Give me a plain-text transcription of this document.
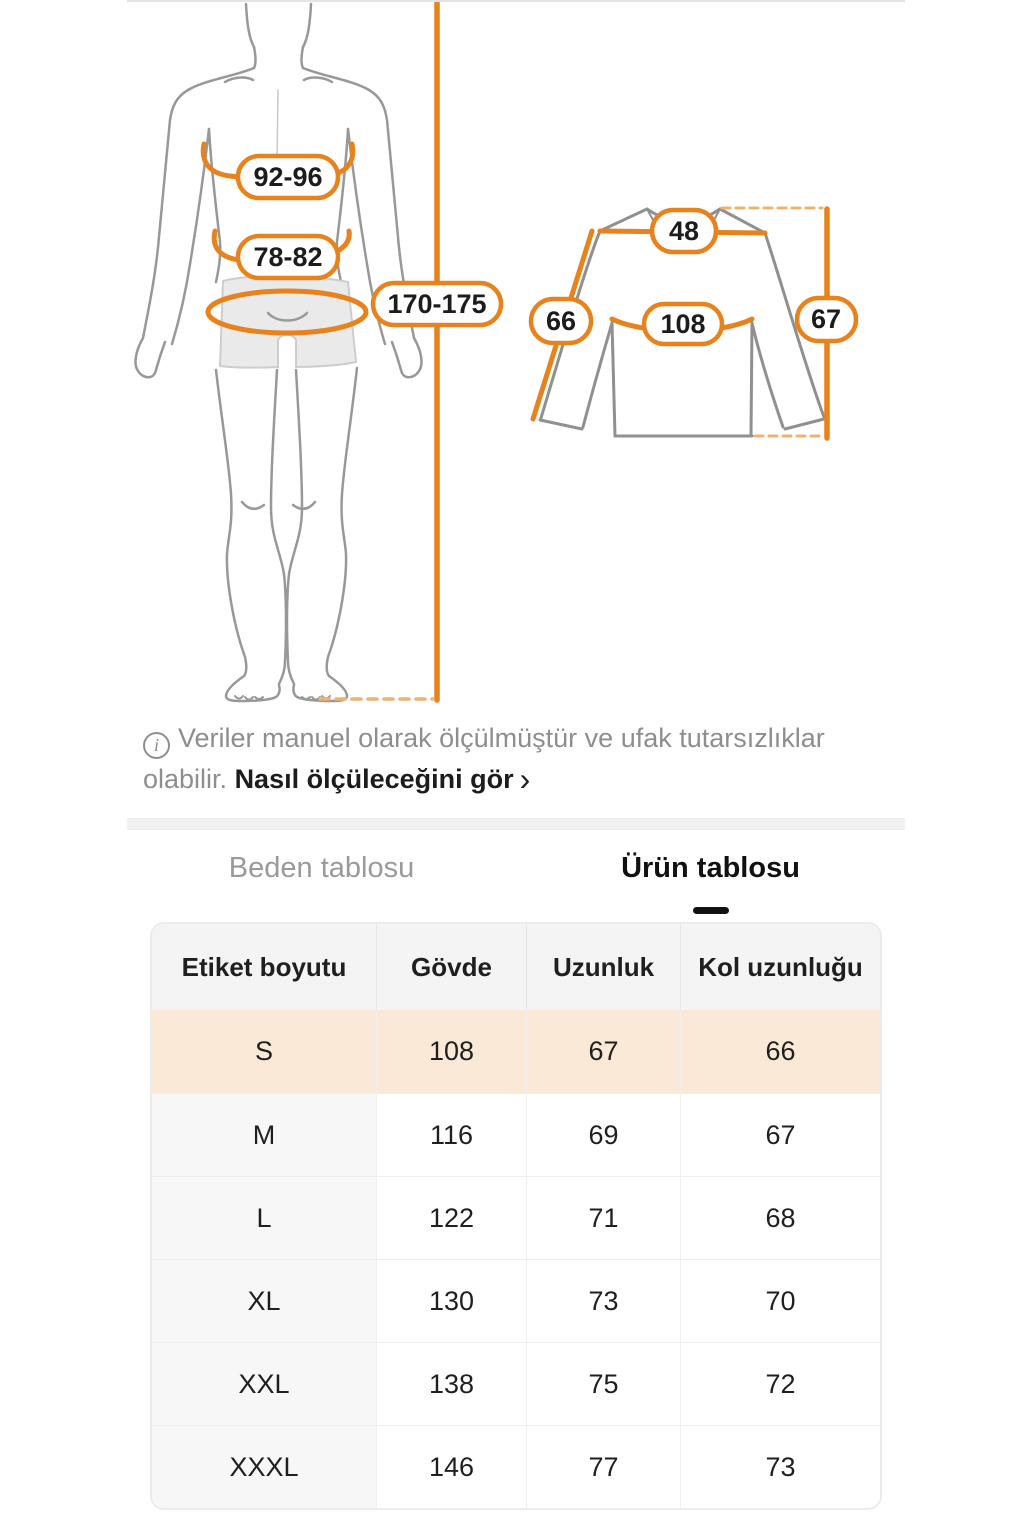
92-96
78-82
170-175
48
66	108	67

i Veriler manuel olarak ölçülmüştür ve ufak tutarsızlıklar olabilir. Nasıl ölçüleceğini gör ›

Beden tablosu	Ürün tablosu
Etiket boyutu	Gövde	Uzunluk	Kol uzunluğu
S	108	67	66
M	116	69	67
L	122	71	68
XL	130	73	70
XXL	138	75	72
XXXL	146	77	73
